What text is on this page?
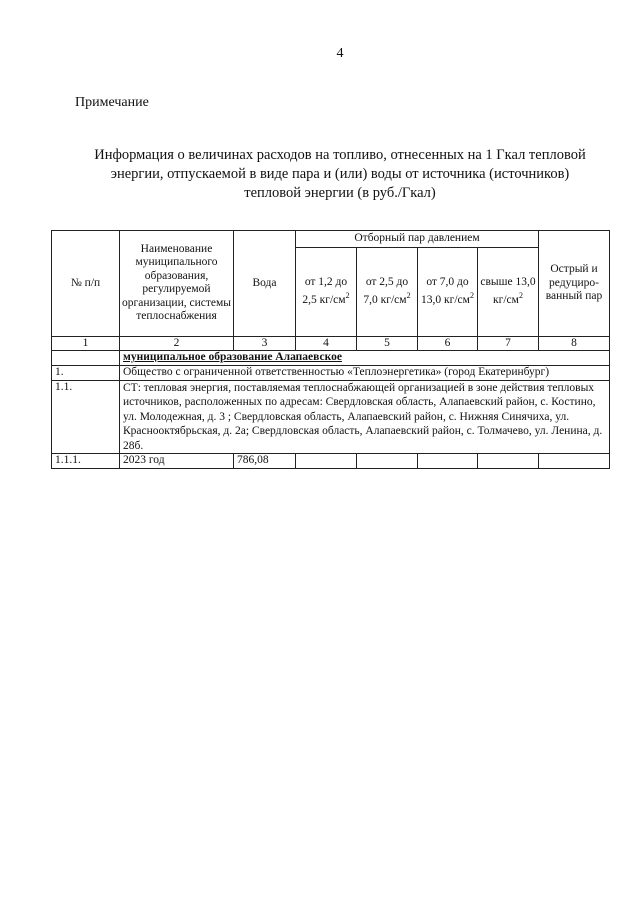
4
Примечание
Информация о величинах расходов на топливо, отнесенных на 1 Гкал тепловой
энергии, отпускаемой в виде пара и (или) воды от источника (источников)
тепловой энергии (в руб./Гкал)
№ п/п	Наименование муниципального образования, регулируемой организации, системы теплоснабжения	Вода	Отборный пар давлением				Острый и редуциро-ванный пар
			от 1,2 до 2,5 $кг/см^2$	от 2,5 до 7,0 $кг/см^2$	от 7,0 до 13,0 $кг/см^2$	свыше 13,0 $кг/см^2$
1	2	3	4	5	6	7	8
	муниципальное образование Алапаевское						
1.	Общество с ограниченной ответственностью «Теплоэнергетика» (город Екатеринбург)						
1.1.	СТ: тепловая энергия, поставляемая теплоснабжающей организацией в зоне действия тепловых источников, расположенных по адресам: Свердловская область, Алапаевский район, с. Костино, ул. Молодежная, д. 3 ; Свердловская область, Алапаевский район, с. Нижняя Синячиха, ул. Краснооктябрьская, д. 2а; Свердловская область, Алапаевский район, с. Толмачево, ул. Ленина, д. 28б.						
1.1.1.	2023 год	786,08					
